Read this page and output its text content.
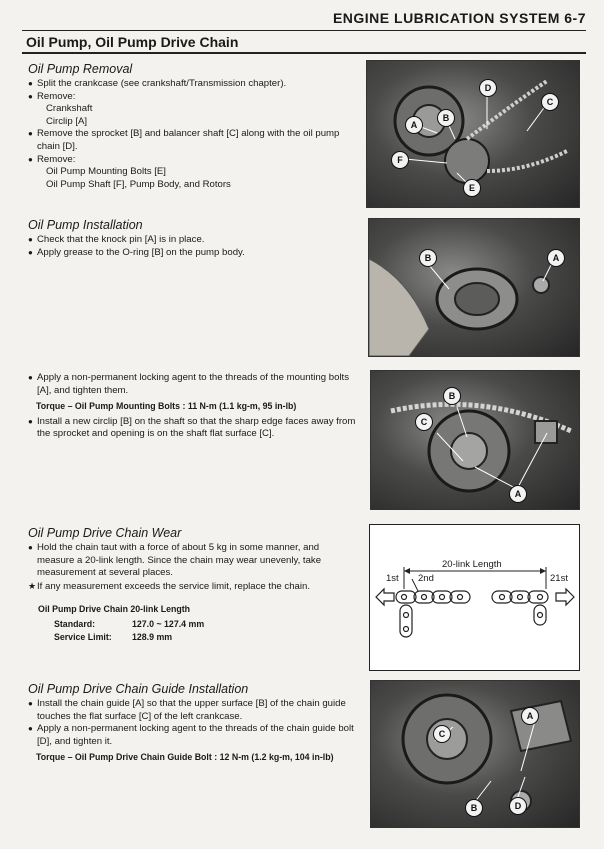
ENGINE LUBRICATION SYSTEM 6-7
Oil Pump, Oil Pump Drive Chain
Oil Pump Removal
● Split the crankcase (see crankshaft/Transmission chapter).
● Remove:
Crankshaft
Circlip [A]
● Remove the sprocket [B] and balancer shaft [C] along with the oil pump chain [D].
● Remove:
Oil Pump Mounting Bolts [E]
Oil Pump Shaft [F], Pump Body, and Rotors
A
B
C
D
E
F
Oil Pump Installation
● Check that the knock pin [A] is in place.
● Apply grease to the O-ring [B] on the pump body.
B	A
● Apply a non-permanent locking agent to the threads of the mounting bolts [A], and tighten them.
Torque – Oil Pump Mounting Bolts : 11 N-m (1.1 kg-m, 95 in-lb)
● Install a new circlip [B] on the shaft so that the sharp edge faces away from the sprocket and opening is on the shaft flat surface [C].
B
C
A
Oil Pump Drive Chain Wear
● Hold the chain taut with a force of about 5 kg in some manner, and measure a 20-link length. Since the chain may wear unevenly, take measurement at several places.
★ If any measurement exceeds the service limit, replace the chain.
Oil Pump Drive Chain 20-link Length
Standard:	127.0 ~ 127.4 mm
Service Limit:	128.9 mm
20-link Length
1st 2nd	21st
Oil Pump Drive Chain Guide Installation
● Install the chain guide [A] so that the upper surface [B] of the chain guide touches the flat surface [C] of the left crankcase.
● Apply a non-permanent locking agent to the threads of the chain guide bolt [D], and tighten it.
Torque – Oil Pump Drive Chain Guide Bolt : 12 N-m (1.2 kg-m, 104 in-lb)
A
C
B	D
